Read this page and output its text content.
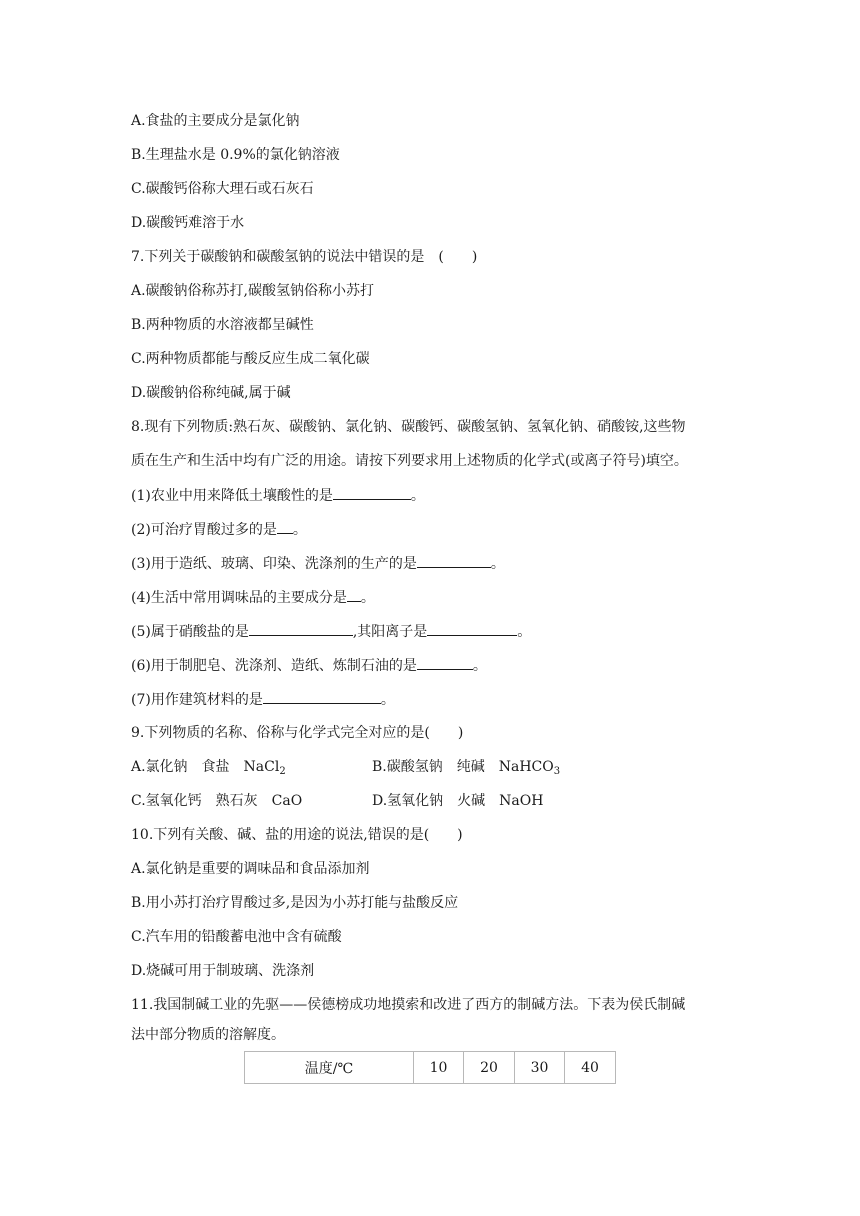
A.食盐的主要成分是氯化钠
B.生理盐水是 0.9%的氯化钠溶液
C.碳酸钙俗称大理石或石灰石
D.碳酸钙难溶于水
7.下列关于碳酸钠和碳酸氢钠的说法中错误的是 (　　)
A.碳酸钠俗称苏打,碳酸氢钠俗称小苏打
B.两种物质的水溶液都呈碱性
C.两种物质都能与酸反应生成二氧化碳
D.碳酸钠俗称纯碱,属于碱
8.现有下列物质:熟石灰、碳酸钠、氯化钠、碳酸钙、碳酸氢钠、氢氧化钠、硝酸铵,这些物
质在生产和生活中均有广泛的用途。请按下列要求用上述物质的化学式(或离子符号)填空。
(1)农业中用来降低土壤酸性的是	。
(2)可治疗胃酸过多的是 。
(3)用于造纸、玻璃、印染、洗涤剂的生产的是	。
(4)生活中常用调味品的主要成分是 。
(5)属于硝酸盐的是	,其阳离子是	。
(6)用于制肥皂、洗涤剂、造纸、炼制石油的是	。
(7)用作建筑材料的是	。
9.下列物质的名称、俗称与化学式完全对应的是(　　)
A.氯化钠　食盐　NaCl$_2$	B.碳酸氢钠　纯碱　NaHCO$_3$
C.氢氧化钙　熟石灰　CaO	D.氢氧化钠　火碱　NaOH
10.下列有关酸、碱、盐的用途的说法,错误的是(　　)
A.氯化钠是重要的调味品和食品添加剂
B.用小苏打治疗胃酸过多,是因为小苏打能与盐酸反应
C.汽车用的铅酸蓄电池中含有硫酸
D.烧碱可用于制玻璃、洗涤剂
11.我国制碱工业的先驱——侯德榜成功地摸索和改进了西方的制碱方法。下表为侯氏制碱
法中部分物质的溶解度。
温度/℃	10	20	30	40
